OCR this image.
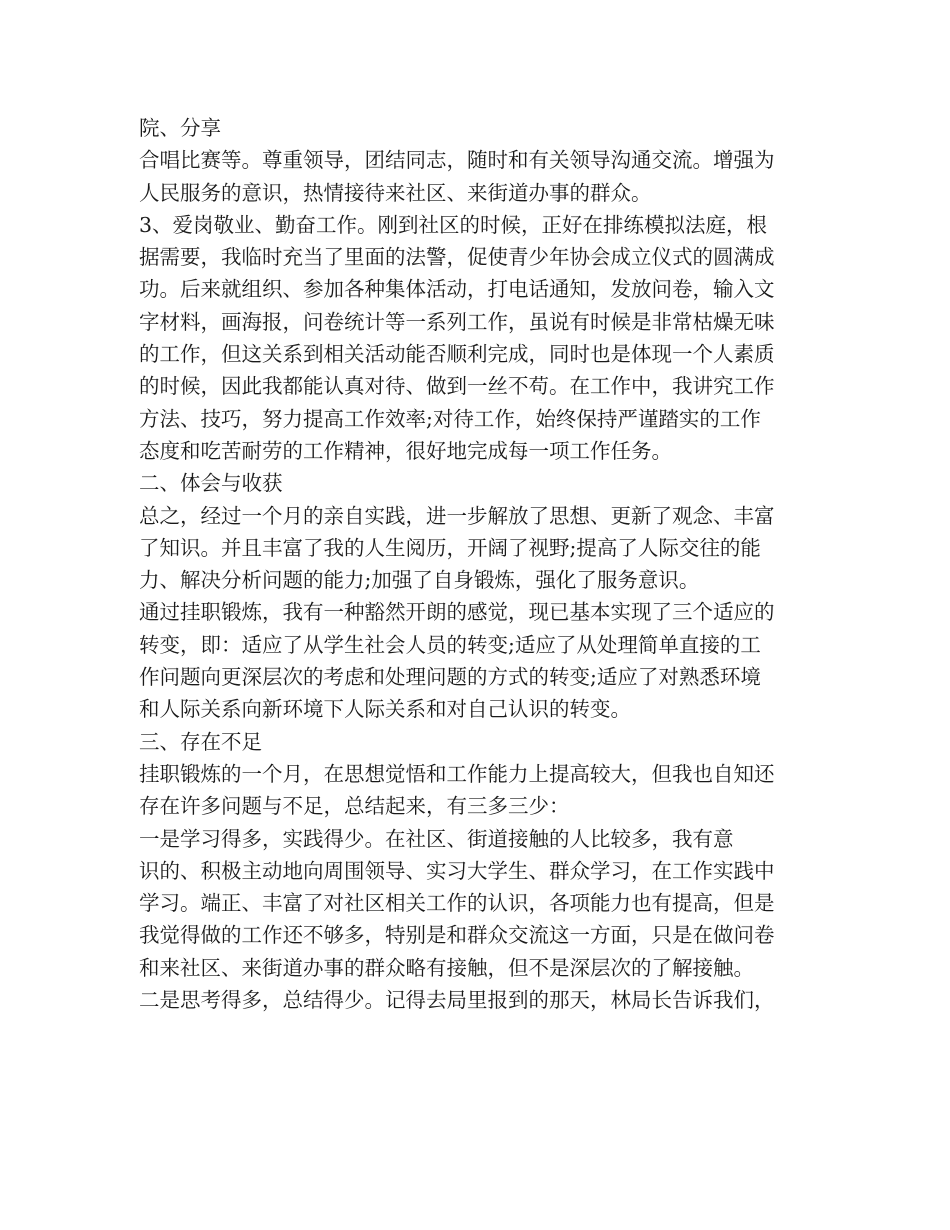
院、分享
合唱比赛等。尊重领导，团结同志，随时和有关领导沟通交流。增强为
人民服务的意识，热情接待来社区、来街道办事的群众。
3、爱岗敬业、勤奋工作。刚到社区的时候，正好在排练模拟法庭，根
据需要，我临时充当了里面的法警，促使青少年协会成立仪式的圆满成
功。后来就组织、参加各种集体活动，打电话通知，发放问卷，输入文
字材料，画海报，问卷统计等一系列工作，虽说有时候是非常枯燥无味
的工作，但这关系到相关活动能否顺利完成，同时也是体现一个人素质
的时候，因此我都能认真对待、做到一丝不苟。在工作中，我讲究工作
方法、技巧，努力提高工作效率;对待工作，始终保持严谨踏实的工作
态度和吃苦耐劳的工作精神，很好地完成每一项工作任务。
二、体会与收获
总之，经过一个月的亲自实践，进一步解放了思想、更新了观念、丰富
了知识。并且丰富了我的人生阅历，开阔了视野;提高了人际交往的能
力、解决分析问题的能力;加强了自身锻炼，强化了服务意识。
通过挂职锻炼，我有一种豁然开朗的感觉，现已基本实现了三个适应的
转变，即：适应了从学生社会人员的转变;适应了从处理简单直接的工
作问题向更深层次的考虑和处理问题的方式的转变;适应了对熟悉环境
和人际关系向新环境下人际关系和对自己认识的转变。
三、存在不足
挂职锻炼的一个月，在思想觉悟和工作能力上提高较大，但我也自知还
存在许多问题与不足，总结起来，有三多三少：
一是学习得多，实践得少。在社区、街道接触的人比较多，我有意
识的、积极主动地向周围领导、实习大学生、群众学习，在工作实践中
学习。端正、丰富了对社区相关工作的认识，各项能力也有提高，但是
我觉得做的工作还不够多，特别是和群众交流这一方面，只是在做问卷
和来社区、来街道办事的群众略有接触，但不是深层次的了解接触。
二是思考得多，总结得少。记得去局里报到的那天，林局长告诉我们，
